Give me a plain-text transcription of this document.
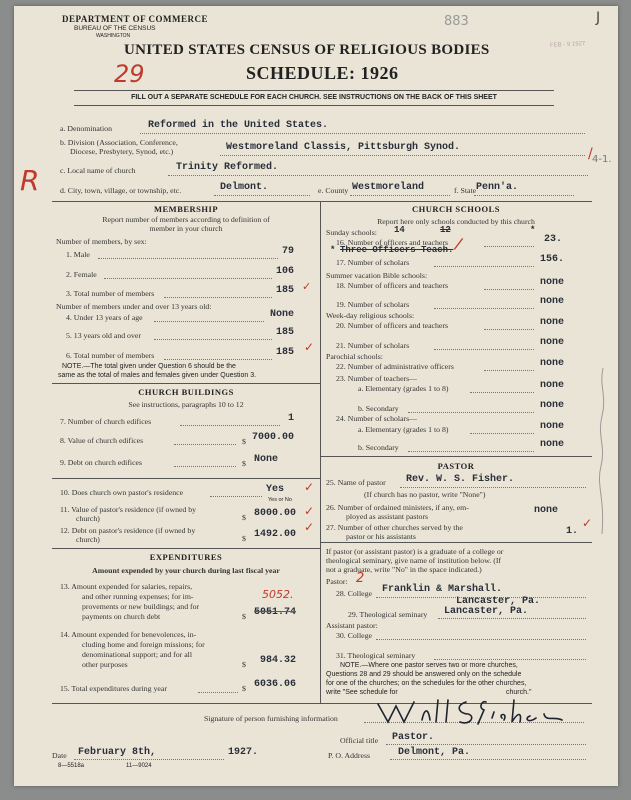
DEPARTMENT OF COMMERCE
BUREAU OF THE CENSUS
WASHINGTON
883	J
FEB - 9 1927
UNITED STATES CENSUS OF RELIGIOUS BODIES
SCHEDULE: 1926
29
FILL OUT A SEPARATE SCHEDULE FOR EACH CHURCH. SEE INSTRUCTIONS ON THE BACK OF THIS SHEET
a. Denomination	Reformed in the United States.
b. Division (Association, Conference,
Diocese, Presbytery, Synod, etc.)	Westmoreland Classis, Pittsburgh Synod.	/ 4-1.
c. Local name of church	Trinity Reformed.
R	d. City, town, village, or township, etc.	Delmont.	e. County Westmoreland	f. State Penn'a.
MEMBERSHIP
Report number of members according to definition of
member in your church
Number of members, by sex:
1. Male	79
2. Female	106
3. Total number of members	185 ✓
Number of members under and over 13 years old:
4. Under 13 years of age	None
5. 13 years old and over	185
6. Total number of members	185 ✓
NOTE.—The total given under Question 6 should be the
same as the total of males and females given under Question 3.
CHURCH BUILDINGS
See instructions, paragraphs 10 to 12
7. Number of church edifices	1
8. Value of church edifices	$ 7000.00
9. Debt on church edifices	$ None
10. Does church own pastor's residence	Yes
Yes or No
✓
11. Value of pastor's residence (if owned by
church)	$ 8000.00 ✓
12. Debt on pastor's residence (if owned by
church)	$ 1492.00
✓
EXPENDITURES
Amount expended by your church during last fiscal year
13. Amount expended for salaries, repairs,
and other running expenses; for im-
provements or new buildings; and for
payments on church debt
5052.
$ 5051.74
14. Amount expended for benevolences, in-
cluding home and foreign missions; for
denominational support; and for all
other purposes	$ 984.32
15. Total expenditures during year	$ 6036.06
CHURCH SCHOOLS
Report here only schools conducted by this church
Sunday schools: 14	12	*
16. Number of officers and teachers	23.
* Three Officers Teach. /
17. Number of scholars	156.
Summer vacation Bible schools:
18. Number of officers and teachers	none
19. Number of scholars	none
Week-day religious schools:
20. Number of officers and teachers	none
21. Number of scholars	none
Parochial schools:
22. Number of administrative officers	none
23. Number of teachers—
a. Elementary (grades 1 to 8)	none
b. Secondary	none
24. Number of scholars—
a. Elementary (grades 1 to 8)	none
b. Secondary	none
PASTOR
25. Name of pastor Rev. W. S. Fisher.
(If church has no pastor, write "None")
26. Number of ordained ministers, if any, em-
ployed as assistant pastors
none
27. Number of other churches served by the
pastor or his assistants	1.
✓
If pastor (or assistant pastor) is a graduate of a college or
theological seminary, give name of institution below. (If
not a graduate, write "No" in the space indicated.)
Pastor: 2
28. College Franklin & Marshall.
Lancaster, Pa.
29. Theological seminary Lancaster, Pa.
Assistant pastor:
30. College
31. Theological seminary
NOTE.—Where one pastor serves two or more churches,
Questions 28 and 29 should be answered only on the schedule
for one of the churches; on the schedules for the other churches,
write "See schedule for	church."
Signature of person furnishing information
Official title Pastor.
Date February 8th,	1927.	P. O. Address	Delmont, Pa.
8—5518a	11—9024
